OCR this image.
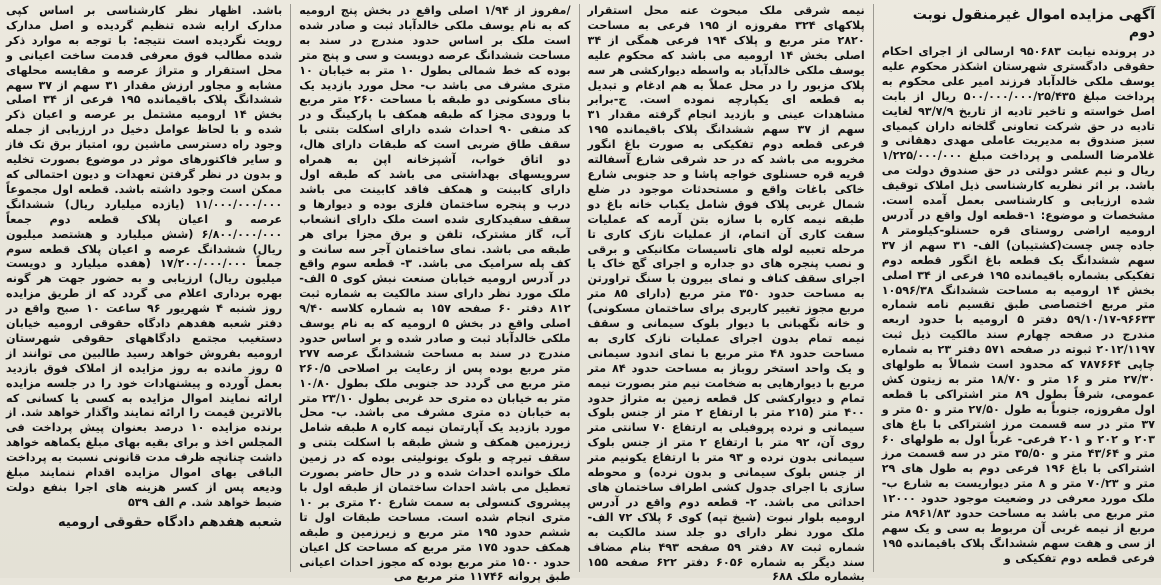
آگهی مزایده اموال غیرمنقول نوبت دوم

در پرونده نیابت ۹۵۰۶۸۳ ارسالی از اجرای احکام حقوقی دادگستری شهرستان اشکذر محکوم علیه یوسف ملکی خالدآباد فرزند امیر علی محکوم به پرداخت مبلغ ۵۰۰/۰۰۰/۰۰۰/۲۵/۴۳۵ ریال از بابت اصل خواسته و تاخیر تادیه از تاریخ ۹۳/۷/۹ لغایت تادیه در حق شرکت تعاونی گلخانه داران کیمیای سبز صندوق به مدیریت عاملی مهدی دهقانی و غلامرضا السلمی و پرداخت مبلغ ۱/۲۲۵/۰۰۰/۰۰۰ ریال و نیم عشر دولتی در حق صندوق دولت می باشد. بر اثر نظریه کارشناسی ذیل املاک توقیف شده ارزیابی و کارشناسی بعمل آمده است. مشخصات و موضوع: ۱-قطعه اول واقع در آدرس ارومیه اراضی روستای قره حسنلو-کیلومتر ۸ جاده چس چست(کشتیبان) الف- ۳۱ سهم از ۳۷ سهم ششدانگ یک قطعه باغ انگور قطعه دوم تفکیکی بشماره باقیمانده ۱۹۵ فرعی از ۳۴ اصلی بخش ۱۴ ارومیه به مساحت ششدانگ ۱۰۵۹۶/۳۸ متر مربع اختصاصی طبق تقسیم نامه شماره ۹۶۶۳۳-۵۹/۱۰/۱۷ دفتر ۵ ارومیه با حدود اربعه مندرج در صفحه چهارم سند مالکیت ذیل ثبت ۲۰۱۲/۱۱۹۷ ثبوته در صفحه ۵۷۱ دفتر ۲۳ به شماره چاپی ۷۸۷۶۶۴ که محدود است شمالاً به طولهای ۲۷/۳۰ متر و ۱۶ متر و ۱۸/۷۰ متر به زیتون کش عمومی، شرقاً بطول ۸۹ متر اشتراکی با قطعه اول مفروزه، جنوباً به طول ۲۷/۵۰ متر و ۵۰ متر و ۳۷ متر در سه قسمت مرز اشتراکی با باغ های ۲۰۳ و ۲۰۲ و ۲۰۱ فرعی- غرباً اول به طولهای ۶۰ متر و ۴۳/۶۴ متر و ۳۵/۵۰ متر در سه قسمت مرز اشتراکی با باغ ۱۹۶ فرعی دوم به طول های ۲۹ متر و ۷۰/۲۳ متر و ۸ متر دیواریست به شارع ب- ملک مورد معرفی در وضعیت موجود حدود ۱۲۰۰۰ متر مربع می باشد به مساحت حدود ۸۹۶۱/۸۳ متر مربع از نیمه غربی آن مربوط به سی و یک سهم از سی و هفت سهم ششدانگ پلاک باقیمانده ۱۹۵ فرعی قطعه دوم تفکیکی و

نیمه شرقی ملک مبحوث عنه محل استقرار پلاکهای ۳۲۴ مفروزه از ۱۹۵ فرعی به مساحت ۲۸۲۰ متر مربع و پلاک ۱۹۴ فرعی همگی از ۳۴ اصلی بخش ۱۴ ارومیه می باشد که محکوم علیه یوسف ملکی خالدآباد به واسطه دیوارکشی هر سه پلاک مزبور را در محل عملاً به هم ادغام و تبدیل به قطعه ای یکپارچه نموده است. ج-برابر مشاهدات عینی و بازدید انجام گرفته مقدار ۳۱ سهم از ۳۷ سهم ششدانگ پلاک باقیمانده ۱۹۵ فرعی قطعه دوم تفکیکی به صورت باغ انگور مخروبه می باشد که در حد شرقی شارع آسفالته قریه قره حسنلوی خواجه پاشا و حد جنوبی شارع خاکی باغات واقع و مستحدثات موجود در ضلع شمال غربی پلاک فوق شامل یکباب خانه باغ دو طبقه نیمه کاره با سازه بتن آرمه که عملیات سفت کاری آن اتمام، از عملیات نازک کاری تا مرحله تعبیه لوله های تاسیسات مکانیکی و برقی و نصب پنجره های دو جداره و اجرای گچ خاک یا اجرای سقف کناف و نمای بیرون با سنگ تراورتن به مساحت حدود ۳۵۰ متر مربع (دارای ۸۵ متر مربع مجوز تغییر کاربری برای ساختمان مسکونی) و خانه نگهبانی با دیوار بلوک سیمانی و سقف نیمه تمام بدون اجرای عملیات نازک کاری به مساحت حدود ۴۸ متر مربع با نمای اندود سیمانی و یک واحد استخر روباز به مساحت حدود ۸۴ متر مربع با دیوارهایی به ضخامت نیم متر بصورت نیمه تمام و دیوارکشی کل قطعه زمین به متراژ حدود ۴۰۰ متر (۲۱۵ متر با ارتفاع ۲ متر از جنس بلوک سیمانی و نرده پروفیلی به ارتفاع ۷۰ سانتی متر روی آن، ۹۲ متر با ارتفاع ۲ متر از جنس بلوک سیمانی بدون نرده و ۹۳ متر با ارتفاع یکونیم متر از جنس بلوک سیمانی و بدون نرده) و محوطه سازی با اجرای جدول کشی اطراف ساختمان های احداثی می باشد. ۲- قطعه دوم واقع در آدرس ارومیه بلوار نبوت (شیخ تپه) کوی ۶ پلاک ۷۲ الف- ملک مورد نظر دارای دو جلد سند مالکیت به شماره ثبت ۸۷ دفتر ۵۹ صفحه ۴۹۳ بنام مضاف سند دیگر به شماره ۶۰۵۶ دفتر ۶۲۲ صفحه ۱۵۵ بشماره ملک ۶۸۸

/مفروز از ۱/۹۴ اصلی واقع در بخش پنج ارومیه که به نام یوسف ملکی خالدآباد ثبت و صادر شده است ملک بر اساس حدود مندرج در سند به مساحت ششدانگ عرصه دویست و سی و پنج متر بوده که خط شمالی بطول ۱۰ متر به خیابان ۱۰ متری مشرف می باشد ب- محل مورد بازدید یک بنای مسکونی دو طبقه با مساحت ۲۶۰ متر مربع با ورودی مجزا که طبقه همکف با پارکینگ و در کد منفی ۹۰ احداث شده دارای اسکلت بتنی با سقف طاق ضربی است که طبقات دارای هال، دو اتاق خواب، آشپزخانه اپن به همراه سرویسهای بهداشتی می باشد که طبقه اول دارای کابینت و همکف فاقد کابینت می باشد درب و پنجره ساختمان فلزی بوده و دیوارها و سقف سفیدکاری شده است ملک دارای انشعاب آب، گاز مشترک، تلفن و برق مجزا برای هر طبقه می باشد. نمای ساختمان آجر سه سانت و کف پله سرامیک می باشد. ۳- قطعه سوم واقع در آدرس ارومیه خیابان صنعت نبش کوی ۵ الف- ملک مورد نظر دارای سند مالکیت به شماره ثبت ۸۱۲ دفتر ۶۰ صفحه ۱۵۷ به شماره کلاسه ۹/۴۰ اصلی واقع در بخش ۵ ارومیه که به نام یوسف ملکی خالدآباد ثبت و صادر شده و بر اساس حدود مندرج در سند به مساحت ششدانگ عرصه ۲۷۷ متر مربع بوده پس از رعایت بر اصلاحی ۲۶۰/۵ متر مربع می گردد حد جنوبی ملک بطول ۱۰/۸۰ متر به خیابان ده متری حد غربی بطول ۲۳/۱۰ متر به خیابان ده متری مشرف می باشد. ب- محل مورد بازدید یک آپارتمان نیمه کاره ۸ طبقه شامل زیرزمین همکف و شش طبقه با اسکلت بتنی و سقف تیرچه و بلوک یونولیتی بوده که در زمین ملک خوانده احداث شده و در حال حاضر بصورت تعطیل می باشد احداث ساختمان از طبقه اول با پیشروی کنسولی به سمت شارع ۲۰ متری بر ۱۰ متری انجام شده است. مساحت طبقات اول تا ششم حدود ۱۹۵ متر مربع و زیرزمین و طبقه همکف حدود ۱۷۵ متر مربع که مساحت کل اعیان حدود ۱۵۰۰ متر مربع بوده که مجوز احداث اعیانی طبق پروانه ۱۱۷۴۶ متر مربع می

باشد. اظهار نظر کارشناسی بر اساس کپی مدارک ارایه شده تنظیم گردیده و اصل مدارک رویت نگردیده است نتیجه: با توجه به موارد ذکر شده مطالب فوق معرفی قدمت ساخت اعیانی و محل استقرار و متراژ عرصه و مقایسه محلهای مشابه و مجاور ارزش مقدار ۳۱ سهم از ۳۷ سهم ششدانگ پلاک باقیمانده ۱۹۵ فرعی از ۳۴ اصلی بخش ۱۴ ارومیه مشتمل بر عرصه و اعیان ذکر شده و با لحاظ عوامل دخیل در ارزیابی از جمله وجود راه دسترسی ماشین رو، امتیاز برق تک فاز و سایر فاکتورهای موثر در موضوع بصورت تخلیه و بدون در نظر گرفتن تعهدات و دیون احتمالی که ممکن است وجود داشته باشد. قطعه اول مجموعاً ۱۱/۰۰۰/۰۰۰/۰۰۰ (یازده میلیارد ریال) ششدانگ عرصه و اعیان پلاک قطعه دوم جمعاً ۶/۸۰۰/۰۰۰/۰۰۰ (شش میلیارد و هشتصد میلیون ریال) ششدانگ عرصه و اعیان پلاک قطعه سوم جمعاً ۱۷/۲۰۰/۰۰۰/۰۰۰ (هفده میلیارد و دویست میلیون ریال) ارزیابی و به حضور جهت هر گونه بهره برداری اعلام می گردد که از طریق مزایده روز شنبه ۴ شهریور ۹۶ ساعت ۱۰ صبح واقع در دفتر شعبه هفدهم دادگاه حقوقی ارومیه خیابان دستغیب مجتمع دادگاههای حقوقی شهرستان ارومیه بفروش خواهد رسید طالبین می توانند از ۵ روز مانده به روز مزایده از املاک فوق بازدید بعمل آورده و پیشنهادات خود را در جلسه مزایده ارائه نمایند اموال مزایده به کسی یا کسانی که بالاترین قیمت را ارائه نمایند واگذار خواهد شد. از برنده مزایده ۱۰ درصد بعنوان پیش پرداخت فی المجلس اخذ و برای بقیه بهای مبلغ یکماهه خواهد داشت چنانچه ظرف مدت قانونی نسبت به پرداخت الباقی بهای اموال مزایده اقدام ننمایند مبلغ ودیعه پس از کسر هزینه های اجرا بنفع دولت ضبط خواهد شد. م الف ۵۳۹

شعبه هفدهم دادگاه حقوقی ارومیه
